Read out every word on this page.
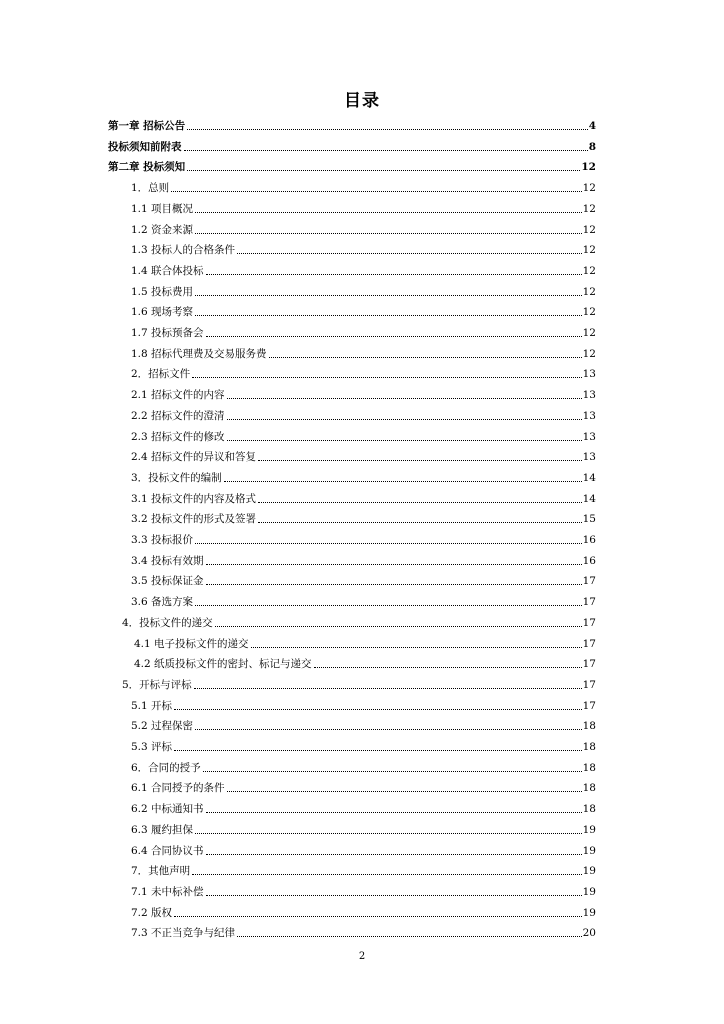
目录
第一章 招标公告	4
投标须知前附表	8
第二章 投标须知	12
1．总则	12
1.1 项目概况	12
1.2 资金来源	12
1.3 投标人的合格条件	12
1.4 联合体投标	12
1.5 投标费用	12
1.6 现场考察	12
1.7 投标预备会	12
1.8 招标代理费及交易服务费	12
2．招标文件	13
2.1 招标文件的内容	13
2.2 招标文件的澄清	13
2.3 招标文件的修改	13
2.4 招标文件的异议和答复	13
3．投标文件的编制	14
3.1 投标文件的内容及格式	14
3.2 投标文件的形式及签署	15
3.3 投标报价	16
3.4 投标有效期	16
3.5 投标保证金	17
3.6 备选方案	17
4．投标文件的递交	17
4.1 电子投标文件的递交	17
4.2 纸质投标文件的密封、标记与递交	17
5．开标与评标	17
5.1 开标	17
5.2 过程保密	18
5.3 评标	18
6．合同的授予	18
6.1 合同授予的条件	18
6.2 中标通知书	18
6.3 履约担保	19
6.4 合同协议书	19
7．其他声明	19
7.1 未中标补偿	19
7.2 版权	19
7.3 不正当竞争与纪律	20
2
